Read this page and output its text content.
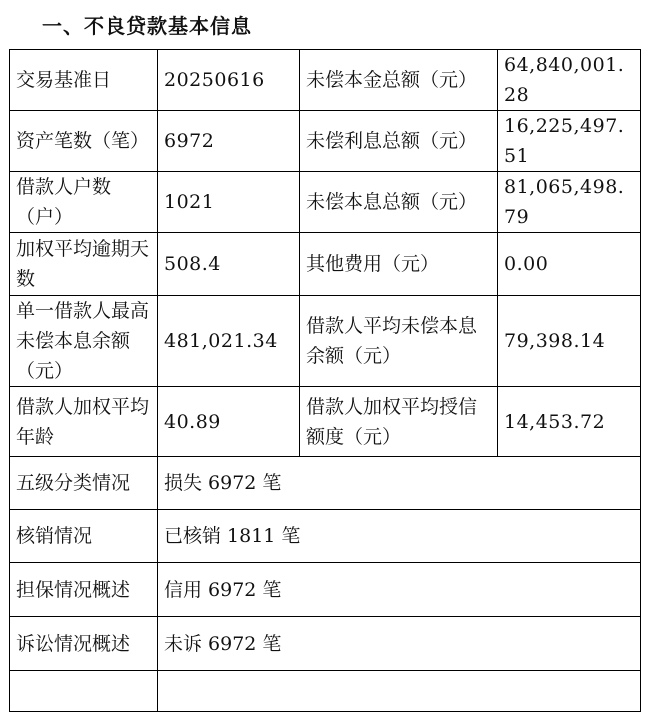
一、不良贷款基本信息
交易基准日	20250616	未偿本金总额（元）	64,840,001.28
资产笔数（笔）	6972	未偿利息总额（元）	16,225,497.51
借款人户数（户）	1021	未偿本息总额（元）	81,065,498.79
加权平均逾期天数	508.4	其他费用（元）	0.00
单一借款人最高未偿本息余额（元）	481,021.34	借款人平均未偿本息余额（元）	79,398.14
借款人加权平均年龄	40.89	借款人加权平均授信额度（元）	14,453.72
五级分类情况	损失 6972 笔		
核销情况	已核销 1811 笔		
担保情况概述	信用 6972 笔		
诉讼情况概述	未诉 6972 笔		
